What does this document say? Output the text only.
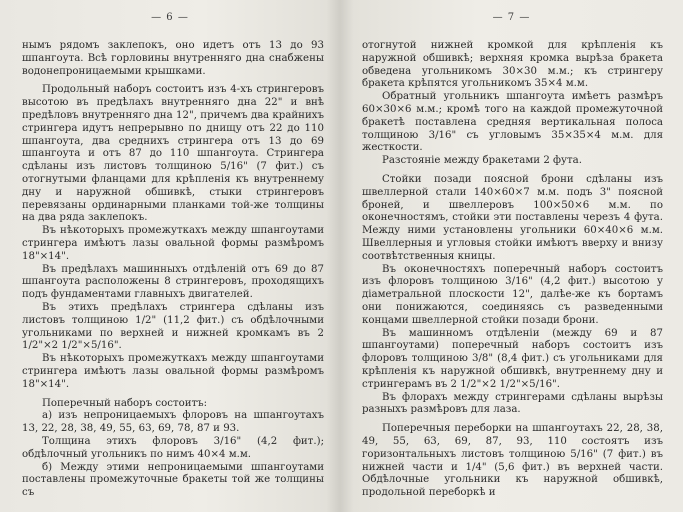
— 6 —

нымъ рядомъ заклепокъ, оно идетъ отъ 13 до 93 шпангоута. Всѣ горловины внутренняго дна снабжены водонепроницаемыми крышками.

Продольный наборъ состоитъ изъ 4-хъ стрингеровъ высотою въ предѣлахъ внутренняго дна 22" и внѣ предѣловъ внутренняго дна 12", причемъ два крайнихъ стрингера идутъ непрерывно по днищу отъ 22 до 110 шпангоута, два среднихъ стрингера отъ 13 до 69 шпангоута и отъ 87 до 110 шпангоута. Стрингера сдѣланы изъ листовъ толщиною 5/16" (7 фит.) съ отогнутыми фланцами для крѣпленія къ внутреннему дну и наружной обшивкѣ, стыки стрингеровъ перевязаны ординарными планками той-же толщины на два ряда заклепокъ.

Въ нѣкоторыхъ промежуткахъ между шпангоутами стрингера имѣютъ лазы овальной формы размѣромъ 18"×14".

Въ предѣлахъ машинныхъ отдѣленій отъ 69 до 87 шпангоута расположены 8 стрингеровъ, проходящихъ подъ фундаментами главныхъ двигателей.

Въ этихъ предѣлахъ стрингера сдѣланы изъ листовъ толщиною 1/2" (11,2 фит.) съ обдѣлочными угольниками по верхней и нижней кромкамъ въ 2 1/2"×2 1/2"×5/16".

Въ нѣкоторыхъ промежуткахъ между шпангоутами стрингера имѣютъ лазы овальной формы размѣромъ 18"×14".

Поперечный наборъ состоитъ:

а) изъ непроницаемыхъ флоровъ на шпангоутахъ 13, 22, 28, 38, 49, 55, 63, 69, 78, 87 и 93.

Толщина этихъ флоровъ 3/16" (4,2 фит.); обдѣлочный угольникъ по нимъ 40×4 м.м.

б) Между этими непроницаемыми шпангоутами поставлены промежуточные бракеты той же толщины съ

— 7 —

отогнутой нижней кромкой для крѣпленія къ наружной обшивкѣ; верхняя кромка вырѣза бракета обведена угольникомъ 30×30 м.м.; къ стрингеру бракета крѣпятся угольникомъ 35×4 м.м.

Обратный угольникъ шпангоута имѣетъ размѣръ 60×30×6 м.м.; кромѣ того на каждой промежуточной бракетѣ поставлена средняя вертикальная полоса толщиною 3/16" съ угловымъ 35×35×4 м.м. для жесткости.

Разстояніе между бракетами 2 фута.

Стойки позади поясной брони сдѣланы изъ швеллерной стали 140×60×7 м.м. подъ 3" поясной броней, и швеллеровъ 100×50×6 м.м. по оконечностямъ, стойки эти поставлены черезъ 4 фута. Между ними установлены угольники 60×40×6 м.м. Швеллерныя и угловыя стойки имѣютъ вверху и внизу соотвѣтственныя кницы.

Въ оконечностяхъ поперечный наборъ состоитъ изъ флоровъ толщиною 3/16" (4,2 фит.) высотою у діаметральной плоскости 12", далѣе-же къ бортамъ они понижаются, соединяясь съ разведенными концами швеллерной стойки позади брони.

Въ машинномъ отдѣленіи (между 69 и 87 шпангоутами) поперечный наборъ состоитъ изъ флоровъ толщиною 3/8" (8,4 фит.) съ угольниками для крѣпленія къ наружной обшивкѣ, внутреннему дну и стрингерамъ въ 2 1/2"×2 1/2"×5/16".

Въ флорахъ между стрингерами сдѣланы вырѣзы разныхъ размѣровъ для лаза.

Поперечныя переборки на шпангоутахъ 22, 28, 38, 49, 55, 63, 69, 87, 93, 110 состоятъ изъ горизонтальныхъ листовъ толщиною 5/16" (7 фит.) въ нижней части и 1/4" (5,6 фит.) въ верхней части. Обдѣлочные угольники къ наружной обшивкѣ, продольной переборкѣ и
